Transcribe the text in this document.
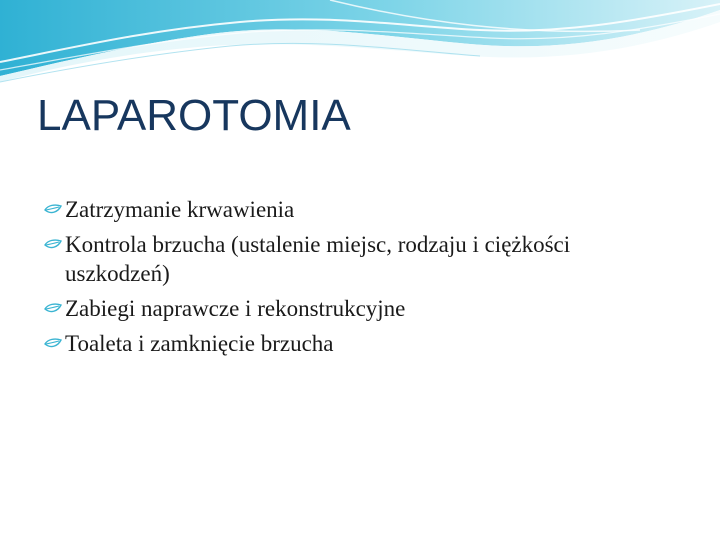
LAPAROTOMIA
Zatrzymanie krwawienia
Kontrola brzucha (ustalenie miejsc, rodzaju i ciężkości uszkodzeń)
Zabiegi naprawcze i rekonstrukcyjne
Toaleta i zamknięcie brzucha
